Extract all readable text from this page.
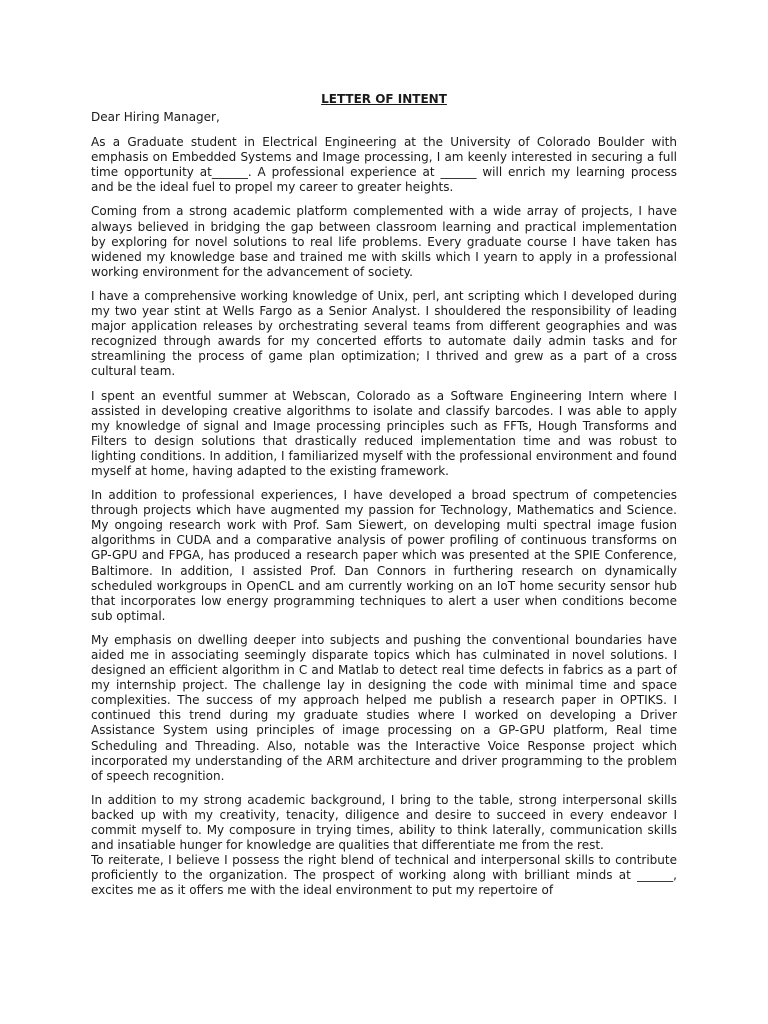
LETTER OF INTENT
Dear Hiring Manager,
As a Graduate student in Electrical Engineering at the University of Colorado Boulder with emphasis on Embedded Systems and Image processing, I am keenly interested in securing a full time opportunity at______. A professional experience at ______ will enrich my learning process and be the ideal fuel to propel my career to greater heights.
Coming from a strong academic platform complemented with a wide array of projects, I have always believed in bridging the gap between classroom learning and practical implementation by exploring for novel solutions to real life problems. Every graduate course I have taken has widened my knowledge base and trained me with skills which I yearn to apply in a professional working environment for the advancement of society.
I have a comprehensive working knowledge of Unix, perl, ant scripting which I developed during my two year stint at Wells Fargo as a Senior Analyst. I shouldered the responsibility of leading major application releases by orchestrating several teams from different geographies and was recognized through awards for my concerted efforts to automate daily admin tasks and for streamlining the process of game plan optimization; I thrived and grew as a part of a cross cultural team.
I spent an eventful summer at Webscan, Colorado as a Software Engineering Intern where I assisted in developing creative algorithms to isolate and classify barcodes. I was able to apply my knowledge of signal and Image processing principles such as FFTs, Hough Transforms and Filters to design solutions that drastically reduced implementation time and was robust to lighting conditions. In addition, I familiarized myself with the professional environment and found myself at home, having adapted to the existing framework.
In addition to professional experiences, I have developed a broad spectrum of competencies through projects which have augmented my passion for Technology, Mathematics and Science. My ongoing research work with Prof. Sam Siewert, on developing multi spectral image fusion algorithms in CUDA and a comparative analysis of power profiling of continuous transforms on GP-GPU and FPGA, has produced a research paper which was presented at the SPIE Conference, Baltimore. In addition, I assisted Prof. Dan Connors in furthering research on dynamically scheduled workgroups in OpenCL and am currently working on an IoT home security sensor hub that incorporates low energy programming techniques to alert a user when conditions become sub optimal.
My emphasis on dwelling deeper into subjects and pushing the conventional boundaries have aided me in associating seemingly disparate topics which has culminated in novel solutions. I designed an efficient algorithm in C and Matlab to detect real time defects in fabrics as a part of my internship project. The challenge lay in designing the code with minimal time and space complexities. The success of my approach helped me publish a research paper in OPTIKS. I continued this trend during my graduate studies where I worked on developing a Driver Assistance System using principles of image processing on a GP-GPU platform, Real time Scheduling and Threading. Also, notable was the Interactive Voice Response project which incorporated my understanding of the ARM architecture and driver programming to the problem of speech recognition.
In addition to my strong academic background, I bring to the table, strong interpersonal skills backed up with my creativity, tenacity, diligence and desire to succeed in every endeavor I commit myself to. My composure in trying times, ability to think laterally, communication skills and insatiable hunger for knowledge are qualities that differentiate me from the rest.
To reiterate, I believe I possess the right blend of technical and interpersonal skills to contribute proficiently to the organization. The prospect of working along with brilliant minds at ______, excites me as it offers me with the ideal environment to put my repertoire of
